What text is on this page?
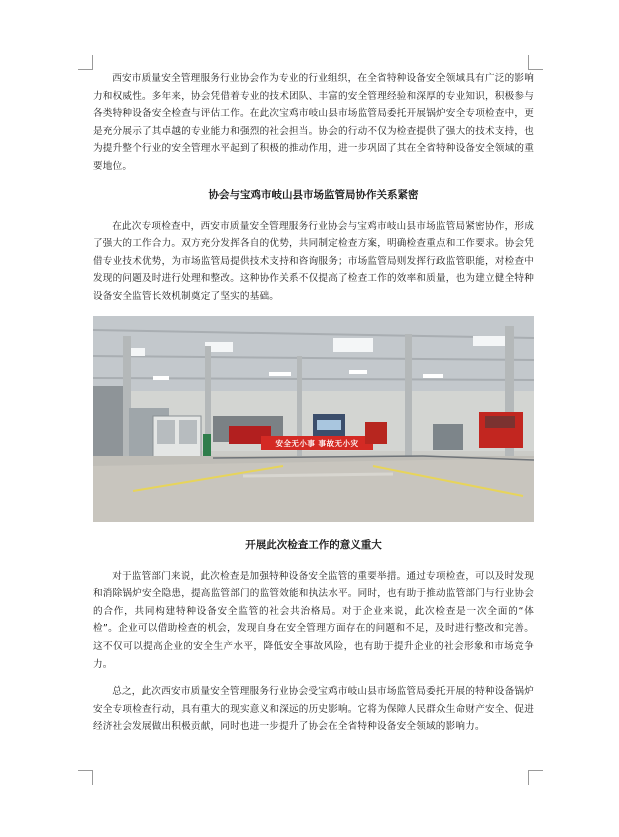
西安市质量安全管理服务行业协会作为专业的行业组织，在全省特种设备安全领域具有广泛的影响力和权威性。多年来，协会凭借着专业的技术团队、丰富的安全管理经验和深厚的专业知识，积极参与各类特种设备安全检查与评估工作。在此次宝鸡市岐山县市场监管局委托开展锅炉安全专项检查中，更是充分展示了其卓越的专业能力和强烈的社会担当。协会的行动不仅为检查提供了强大的技术支持，也为提升整个行业的安全管理水平起到了积极的推动作用，进一步巩固了其在全省特种设备安全领域的重要地位。

协会与宝鸡市岐山县市场监管局协作关系紧密

在此次专项检查中，西安市质量安全管理服务行业协会与宝鸡市岐山县市场监管局紧密协作，形成了强大的工作合力。双方充分发挥各自的优势，共同制定检查方案，明确检查重点和工作要求。协会凭借专业技术优势，为市场监管局提供技术支持和咨询服务；市场监管局则发挥行政监管职能，对检查中发现的问题及时进行处理和整改。这种协作关系不仅提高了检查工作的效率和质量，也为建立健全特种设备安全监管长效机制奠定了坚实的基础。

安全无小事 事故无小灾
开展此次检查工作的意义重大

对于监管部门来说，此次检查是加强特种设备安全监管的重要举措。通过专项检查，可以及时发现和消除锅炉安全隐患，提高监管部门的监管效能和执法水平。同时，也有助于推动监管部门与行业协会的合作，共同构建特种设备安全监管的社会共治格局。对于企业来说，此次检查是一次全面的“体检”。企业可以借助检查的机会，发现自身在安全管理方面存在的问题和不足，及时进行整改和完善。这不仅可以提高企业的安全生产水平，降低安全事故风险，也有助于提升企业的社会形象和市场竞争力。

总之，此次西安市质量安全管理服务行业协会受宝鸡市岐山县市场监管局委托开展的特种设备锅炉安全专项检查行动，具有重大的现实意义和深远的历史影响。它将为保障人民群众生命财产安全、促进经济社会发展做出积极贡献，同时也进一步提升了协会在全省特种设备安全领域的影响力。
